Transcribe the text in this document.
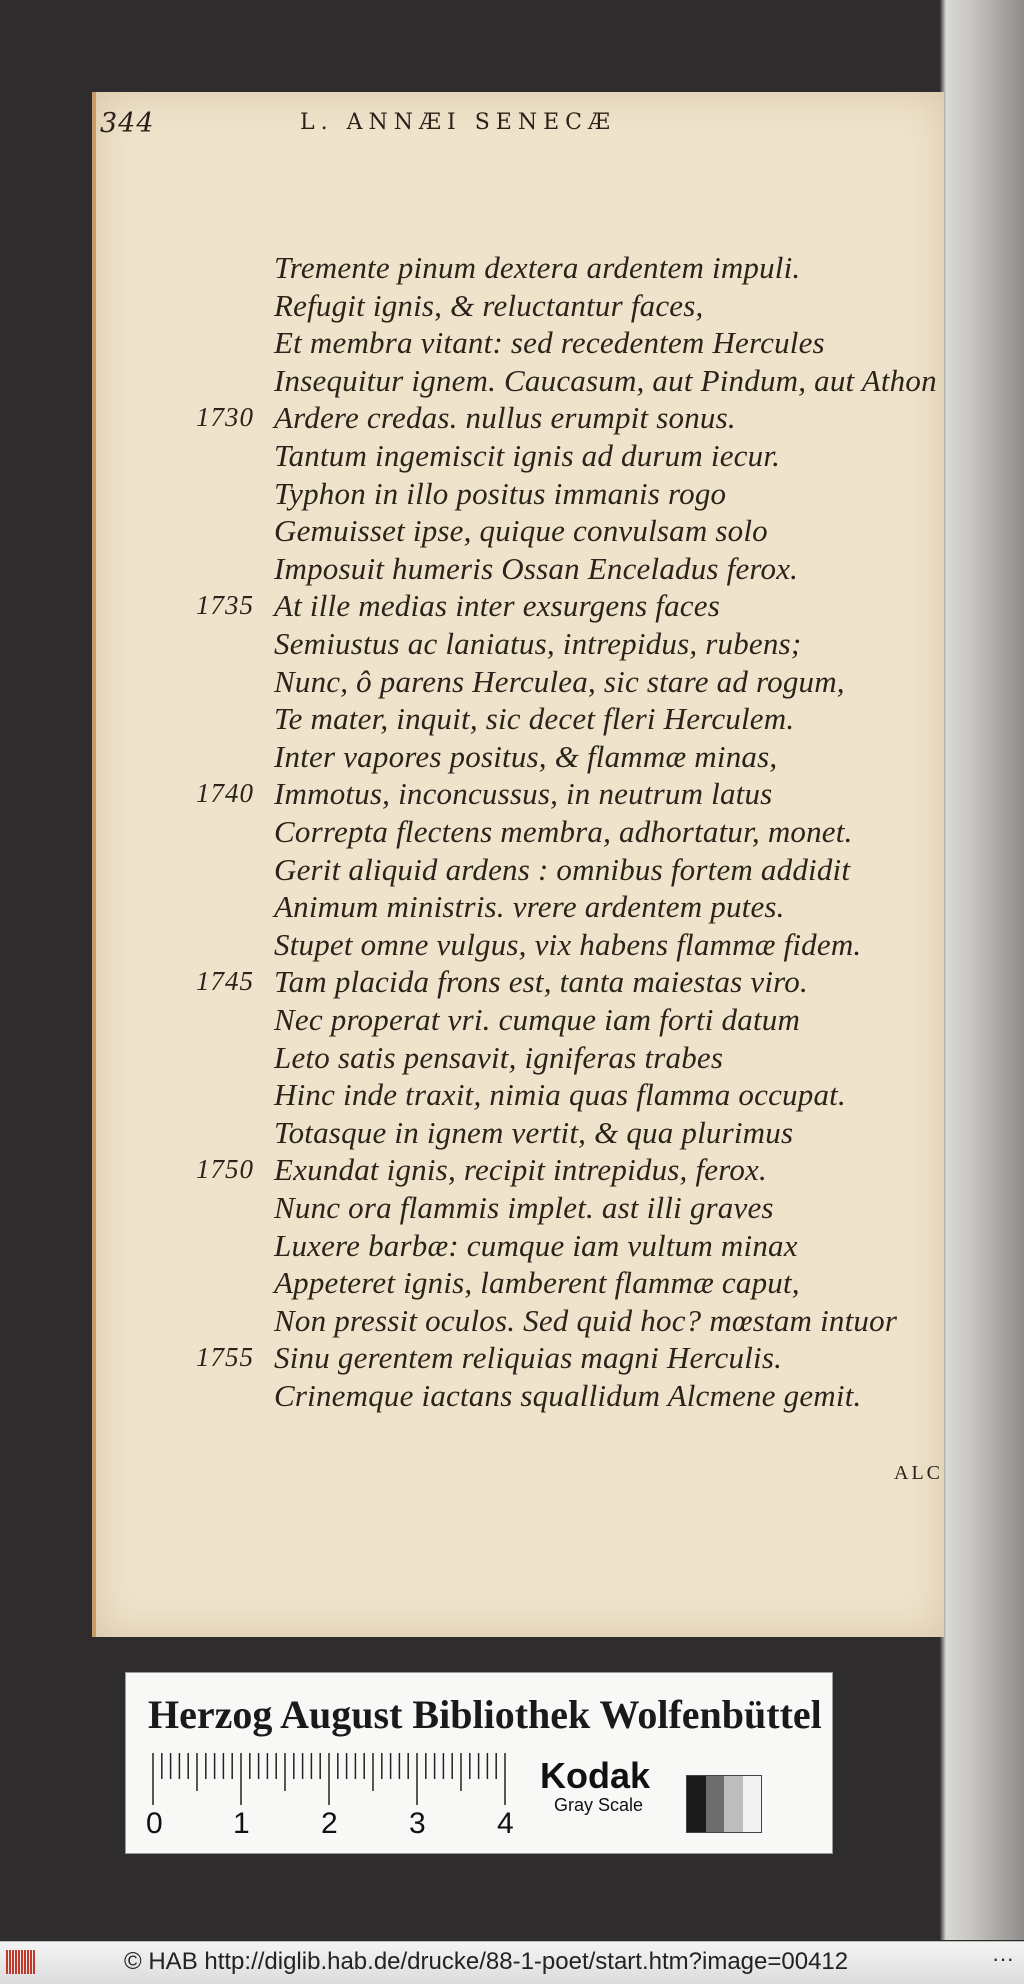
344	L. ANNÆI SENECÆ
Tremente pinum dextera ardentem impuli.
Refugit ignis, & reluctantur faces,
Et membra vitant: sed recedentem Hercules
Insequitur ignem. Caucasum, aut Pindum, aut Athon
Ardere credas. nullus erumpit sonus.
1730
Tantum ingemiscit ignis ad durum iecur.
Typhon in illo positus immanis rogo
Gemuisset ipse, quique convulsam solo
Imposuit humeris Ossan Enceladus ferox.
At ille medias inter exsurgens faces
1735
Semiustus ac laniatus, intrepidus, rubens;
Nunc, ô parens Herculea, sic stare ad rogum,
Te mater, inquit, sic decet fleri Herculem.
Inter vapores positus, & flammæ minas,
Immotus, inconcussus, in neutrum latus
1740
Correpta flectens membra, adhortatur, monet.
Gerit aliquid ardens : omnibus fortem addidit
Animum ministris. vrere ardentem putes.
Stupet omne vulgus, vix habens flammæ fidem.
Tam placida frons est, tanta maiestas viro.
1745
Nec properat vri. cumque iam forti datum
Leto satis pensavit, igniferas trabes
Hinc inde traxit, nimia quas flamma occupat.
Totasque in ignem vertit, & qua plurimus
Exundat ignis, recipit intrepidus, ferox.
1750
Nunc ora flammis implet. ast illi graves
Luxere barbæ: cumque iam vultum minax
Appeteret ignis, lamberent flammæ caput,
Non pressit oculos. Sed quid hoc? mœstam intuor
Sinu gerentem reliquias magni Herculis.
1755
Crinemque iactans squallidum Alcmene gemit.
ALC
Herzog August Bibliothek Wolfenbüttel
0 1 2 3 4
Kodak
Gray Scale
© HAB http://diglib.hab.de/drucke/88-1-poet/start.htm?image=00412	···
